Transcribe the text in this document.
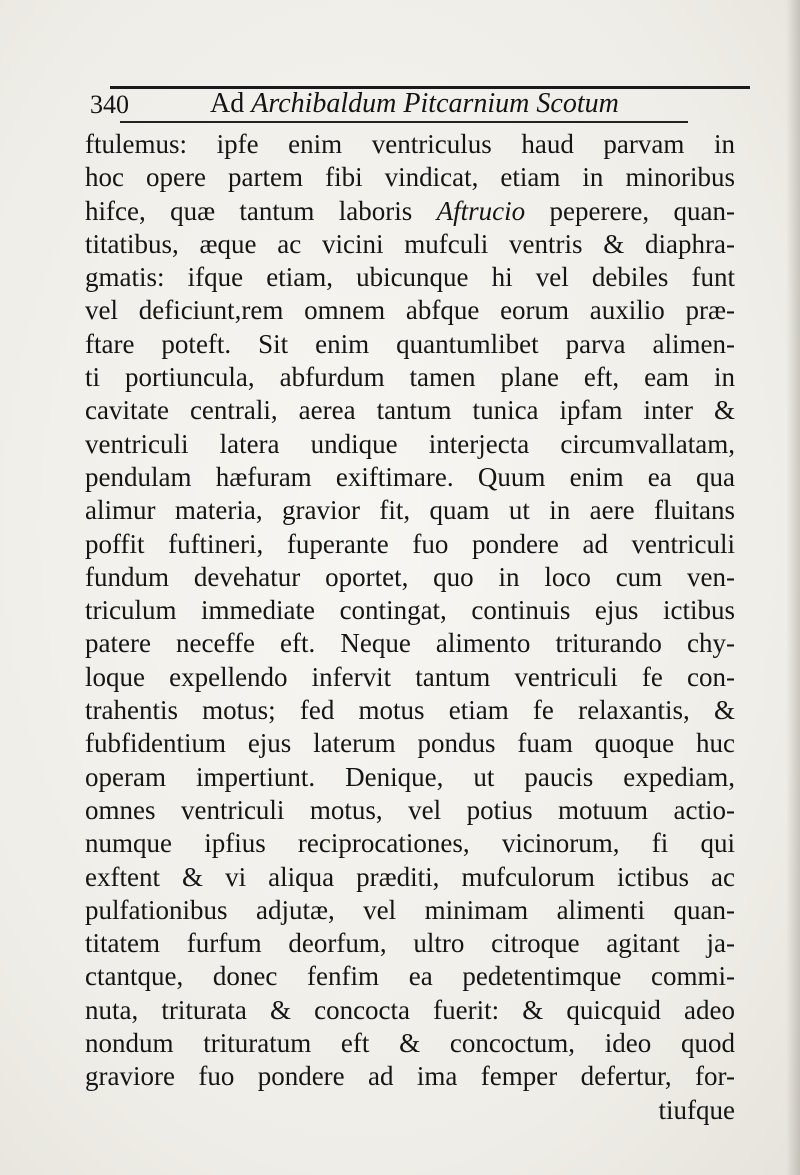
340	Ad Archibaldum Pitcarnium Scotum
ftulemus: ipfe enim ventriculus haud parvam in
hoc opere partem fibi vindicat, etiam in minoribus
hifce, quæ tantum laboris Aftrucio peperere, quan-
titatibus, æque ac vicini mufculi ventris & diaphra-
gmatis: ifque etiam, ubicunque hi vel debiles funt
vel deficiunt,rem omnem abfque eorum auxilio præ-
ftare poteft. Sit enim quantumlibet parva alimen-
ti portiuncula, abfurdum tamen plane eft, eam in
cavitate centrali, aerea tantum tunica ipfam inter &
ventriculi latera undique interjecta circumvallatam,
pendulam hæfuram exiftimare. Quum enim ea qua
alimur materia, gravior fit, quam ut in aere fluitans
poffit fuftineri, fuperante fuo pondere ad ventriculi
fundum devehatur oportet, quo in loco cum ven-
triculum immediate contingat, continuis ejus ictibus
patere neceffe eft. Neque alimento triturando chy-
loque expellendo infervit tantum ventriculi fe con-
trahentis motus; fed motus etiam fe relaxantis, &
fubfidentium ejus laterum pondus fuam quoque huc
operam impertiunt. Denique, ut paucis expediam,
omnes ventriculi motus, vel potius motuum actio-
numque ipfius reciprocationes, vicinorum, fi qui
exftent & vi aliqua præditi, mufculorum ictibus ac
pulfationibus adjutæ, vel minimam alimenti quan-
titatem furfum deorfum, ultro citroque agitant ja-
ctantque, donec fenfim ea pedetentimque commi-
nuta, triturata & concocta fuerit: & quicquid adeo
nondum trituratum eft & concoctum, ideo quod
graviore fuo pondere ad ima femper defertur, for-
tiufque
